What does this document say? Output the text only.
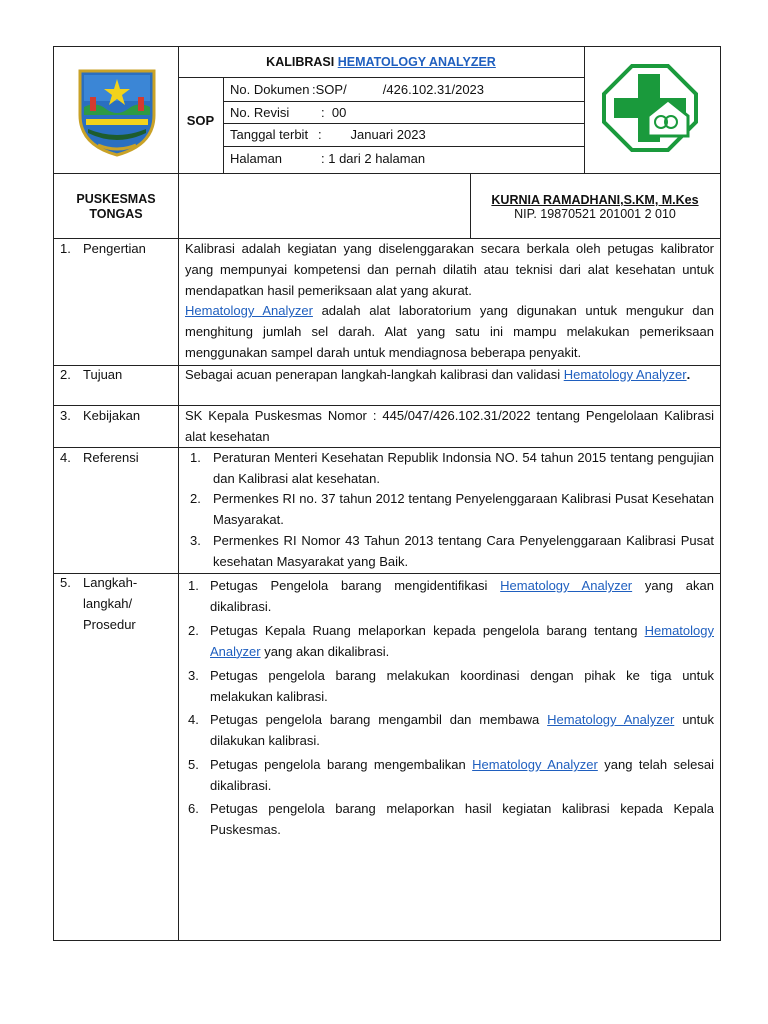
KALIBRASI HEMATOLOGY ANALYZER
SOP
No. Dokumen :SOP/          /426.102.31/2023
No. Revisi :  00
Tanggal terbit :        Januari 2023
Halaman	: 1 dari 2 halaman
PUSKESMAS TONGAS
KURNIA RAMADHANI,S.KM, M.Kes
NIP. 19870521 201001 2 010
1. Pengertian	Kalibrasi adalah kegiatan yang diselenggarakan secara berkala oleh petugas kalibrator yang mempunyai kompetensi dan pernah dilatih atau teknisi dari alat kesehatan untuk mendapatkan hasil pemeriksaan alat yang akurat.
Hematology Analyzer adalah alat laboratorium yang digunakan untuk mengukur dan menghitung jumlah sel darah. Alat yang satu ini mampu melakukan pemeriksaan menggunakan sampel darah untuk mendiagnosa beberapa penyakit.
2. Tujuan	Sebagai acuan penerapan langkah-langkah kalibrasi dan validasi Hematology Analyzer.
3. Kebijakan	SK Kepala Puskesmas Nomor : 445/047/426.102.31/2022 tentang Pengelolaan Kalibrasi alat kesehatan
4. Referensi	1. Peraturan Menteri Kesehatan Republik Indonsia NO. 54 tahun 2015 tentang pengujian dan Kalibrasi alat kesehatan.
2. Permenkes RI no. 37 tahun 2012 tentang Penyelenggaraan Kalibrasi Pusat Kesehatan Masyarakat.
3. Permenkes RI Nomor 43 Tahun 2013 tentang Cara Penyelenggaraan Kalibrasi Pusat kesehatan Masyarakat yang Baik.
5. Langkah-
langkah/
Prosedur
1. Petugas Pengelola barang mengidentifikasi Hematology Analyzer yang akan dikalibrasi.
2. Petugas Kepala Ruang melaporkan kepada pengelola barang tentang Hematology Analyzer yang akan dikalibrasi.
3. Petugas pengelola barang melakukan koordinasi dengan pihak ke tiga untuk melakukan kalibrasi.
4. Petugas pengelola barang mengambil dan membawa Hematology Analyzer untuk dilakukan kalibrasi.
5. Petugas pengelola barang mengembalikan Hematology Analyzer yang telah selesai dikalibrasi.
6. Petugas pengelola barang melaporkan hasil kegiatan kalibrasi kepada Kepala Puskesmas.
